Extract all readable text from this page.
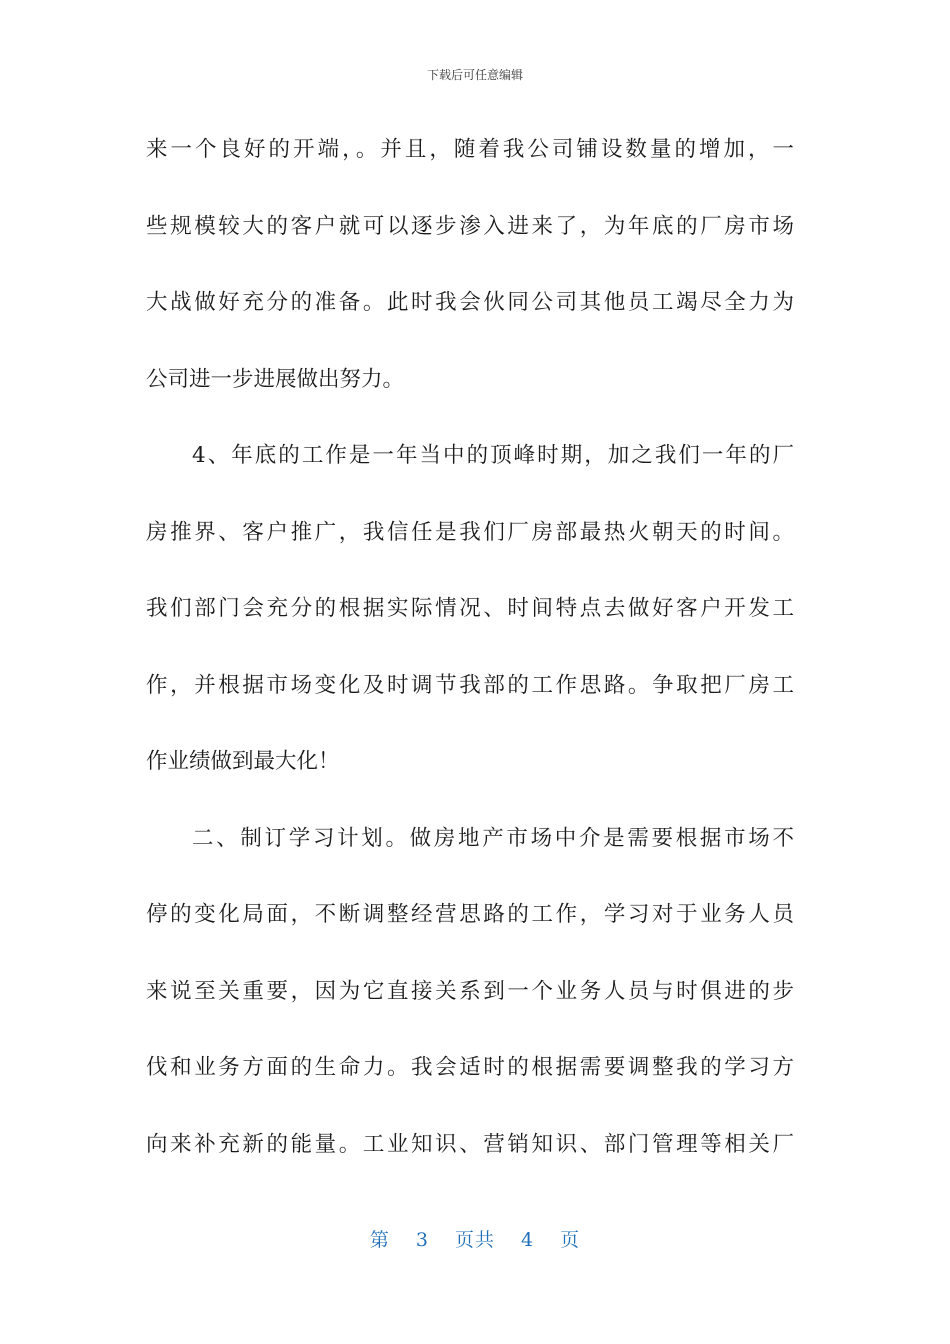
下载后可任意编辑
来一个良好的开端，。并且，随着我公司铺设数量的增加，一
些规模较大的客户就可以逐步渗入进来了，为年底的厂房市场
大战做好充分的准备。此时我会伙同公司其他员工竭尽全力为
公司进一步进展做出努力。
4、年底的工作是一年当中的顶峰时期，加之我们一年的厂
房推界、客户推广，我信任是我们厂房部最热火朝天的时间。
我们部门会充分的根据实际情况、时间特点去做好客户开发工
作，并根据市场变化及时调节我部的工作思路。争取把厂房工
作业绩做到最大化！
二、制订学习计划。做房地产市场中介是需要根据市场不
停的变化局面，不断调整经营思路的工作，学习对于业务人员
来说至关重要，因为它直接关系到一个业务人员与时俱进的步
伐和业务方面的生命力。我会适时的根据需要调整我的学习方
向来补充新的能量。工业知识、营销知识、部门管理等相关厂
第 3 页共 4 页
